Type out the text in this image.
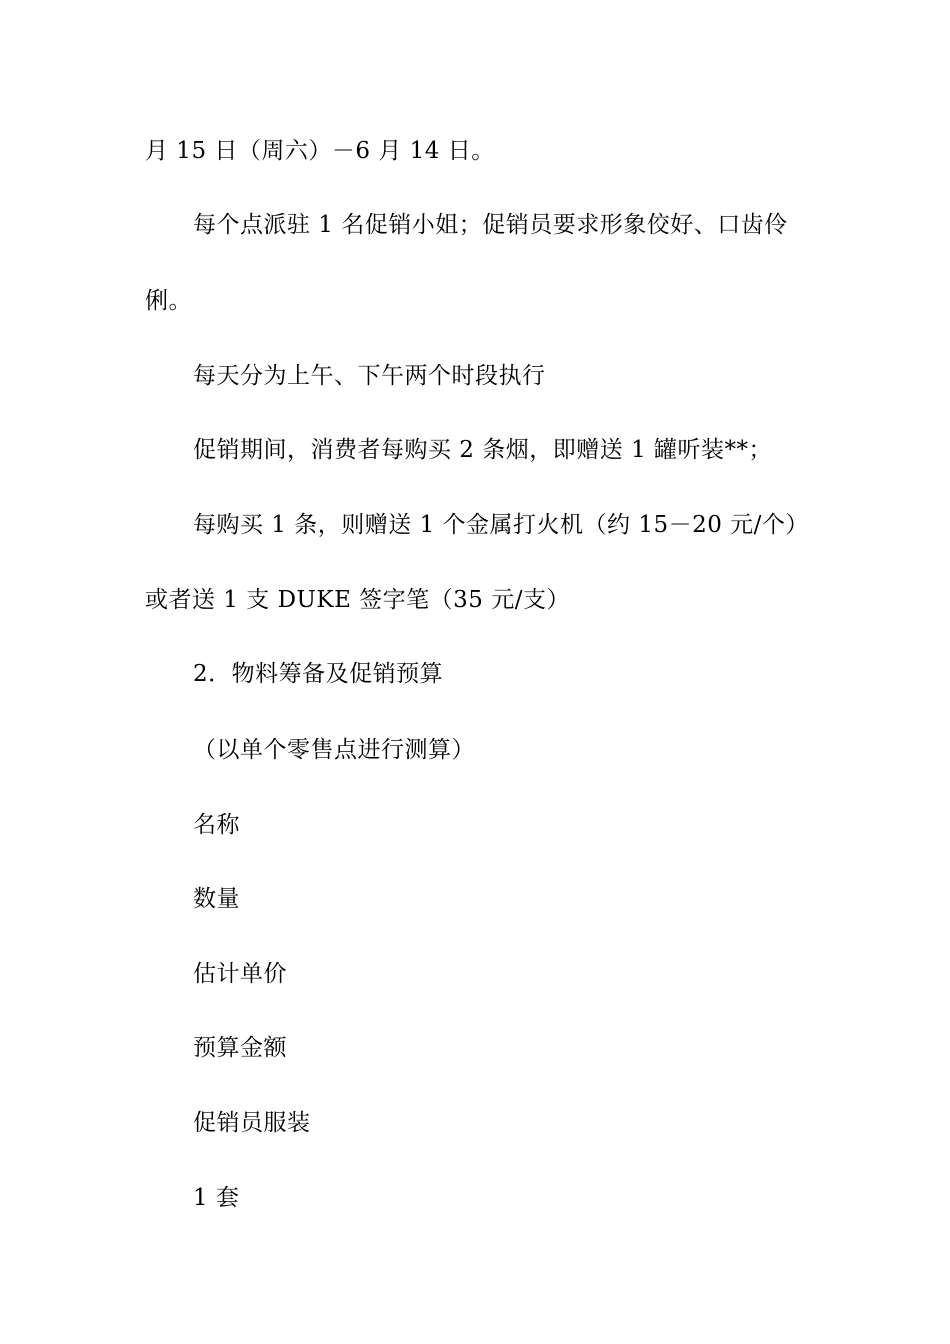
月 15 日（周六）－6 月 14 日。
每个点派驻 1 名促销小姐；促销员要求形象佼好、口齿伶
俐。
每天分为上午、下午两个时段执行
促销期间，消费者每购买 2 条烟，即赠送 1 罐听装**；
每购买 1 条，则赠送 1 个金属打火机（约 15－20 元/个）
或者送 1 支 DUKE 签字笔（35 元/支）
2．物料筹备及促销预算
（以单个零售点进行测算）
名称
数量
估计单价
预算金额
促销员服装
1 套
